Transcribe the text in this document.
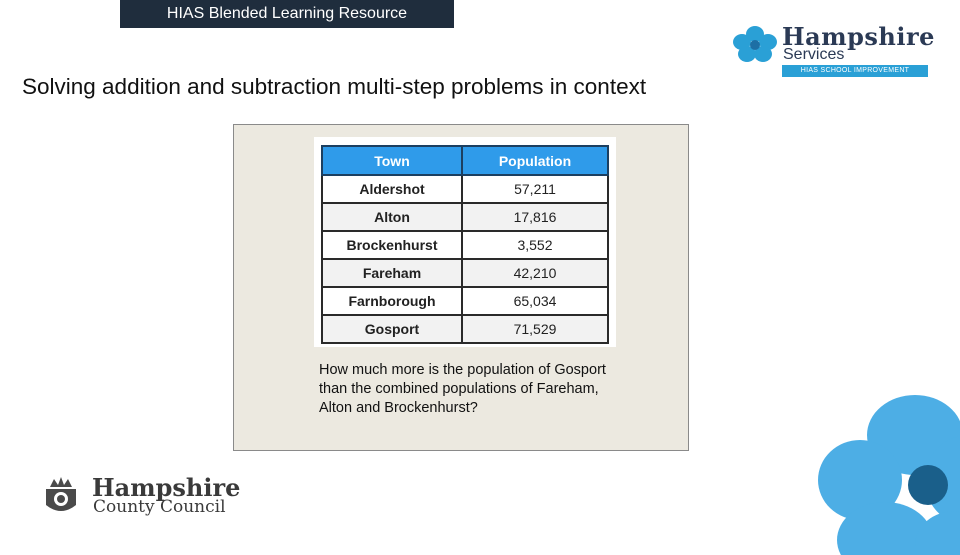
HIAS Blended Learning Resource
Hampshire
Services
HIAS SCHOOL IMPROVEMENT
Solving addition and subtraction multi-step problems in context
Town	Population
Aldershot	57,211
Alton	17,816
Brockenhurst	3,552
Fareham	42,210
Farnborough	65,034
Gosport	71,529
How much more is the population of Gosport than the combined populations of Fareham, Alton and Brockenhurst?
Hampshire
County Council
